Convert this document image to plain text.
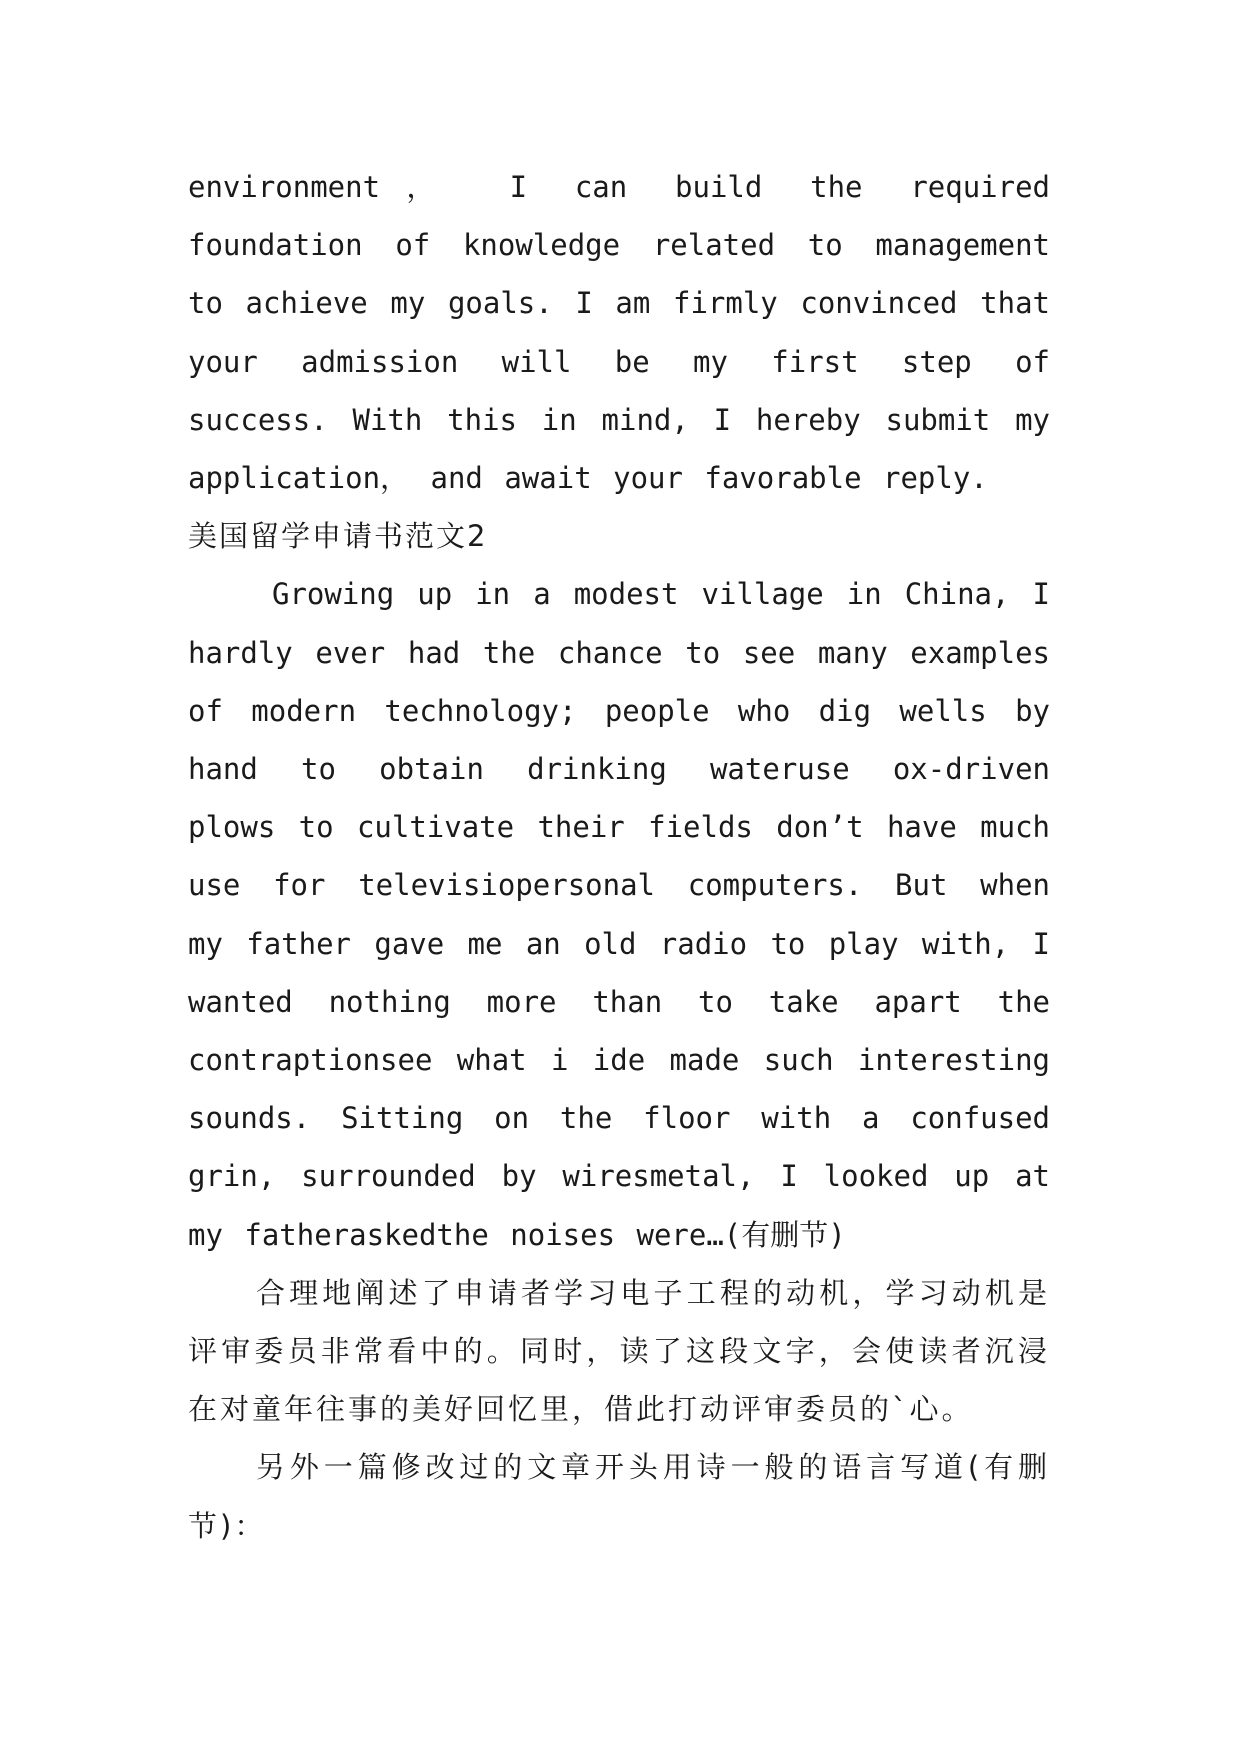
environment， I can build the required foundation of knowledge related to management to achieve my goals. I am firmly convinced that your admission will be my first step of success. With this in mind, I hereby submit my application， and await your favorable reply.

美国留学申请书范文2

Growing up in a modest village in China, I hardly ever had the chance to see many examples of modern technology; people who dig wells by hand to obtain drinking wateruse ox-driven plows to cultivate their fields don’t have much use for televisiopersonal computers. But when my father gave me an old radio to play with, I wanted nothing more than to take apart the contraptionsee what i ide made such interesting sounds. Sitting on the floor with a confused grin, surrounded by wiresmetal, I looked up at my fatheraskedthe noises were…(有删节)

合理地阐述了申请者学习电子工程的动机，学习动机是评审委员非常看中的。同时，读了这段文字，会使读者沉浸在对童年往事的美好回忆里，借此打动评审委员的`心。

另外一篇修改过的文章开头用诗一般的语言写道(有删节)：
